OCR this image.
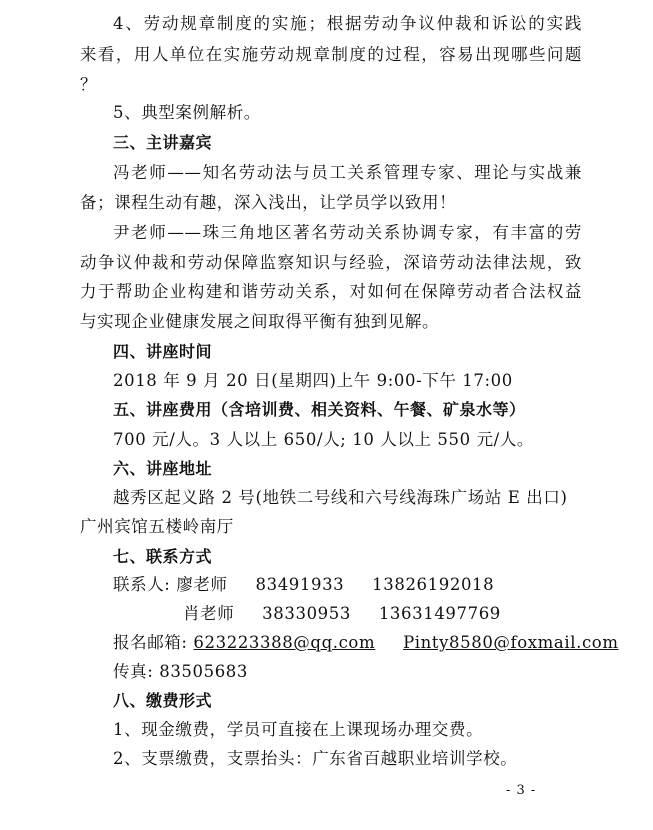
4、劳动规章制度的实施；根据劳动争议仲裁和诉讼的实践
来看，用人单位在实施劳动规章制度的过程，容易出现哪些问题
？
5、典型案例解析。
三、主讲嘉宾
冯老师——知名劳动法与员工关系管理专家、理论与实战兼
备；课程生动有趣，深入浅出，让学员学以致用！
尹老师——珠三角地区著名劳动关系协调专家，有丰富的劳
动争议仲裁和劳动保障监察知识与经验，深谙劳动法律法规，致
力于帮助企业构建和谐劳动关系，对如何在保障劳动者合法权益
与实现企业健康发展之间取得平衡有独到见解。
四、讲座时间
2018 年 9 月 20 日(星期四)上午 9:00-下午 17:00
五、讲座费用（含培训费、相关资料、午餐、矿泉水等）
700 元/人。3 人以上 650/人; 10 人以上 550 元/人。
六、讲座地址
越秀区起义路 2 号(地铁二号线和六号线海珠广场站 E 出口)
广州宾馆五楼岭南厅
七、联系方式
联系人: 廖老师 83491933 13826192018
肖老师 38330953 13631497769
报名邮箱: 623223388@qq.com Pinty8580@foxmail.com
传真: 83505683
八、缴费形式
1、现金缴费，学员可直接在上课现场办理交费。
2、支票缴费，支票抬头：广东省百越职业培训学校。
- 3 -
